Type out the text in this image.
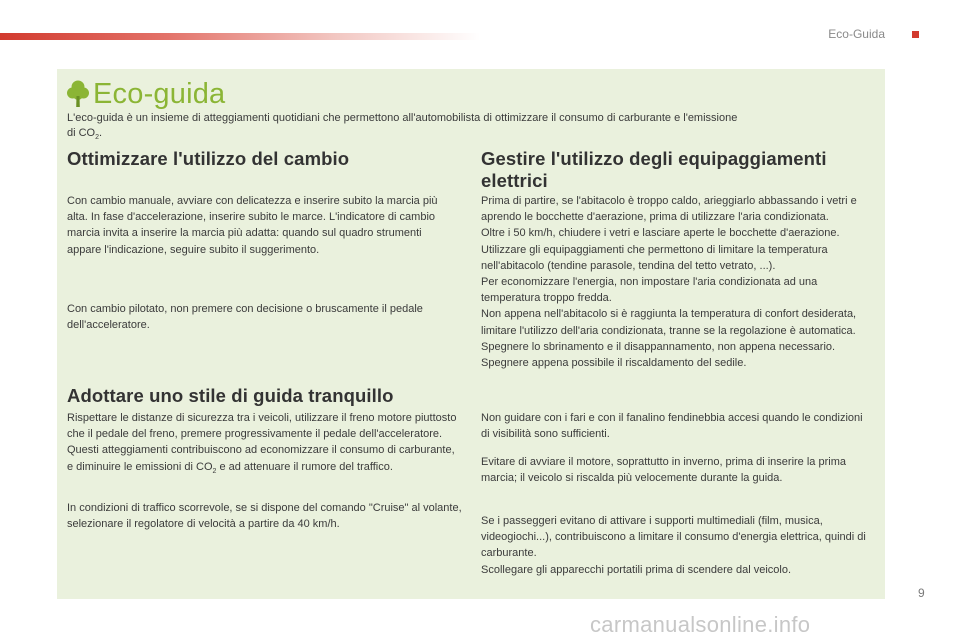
Eco-Guida
Eco-guida
L'eco-guida è un insieme di atteggiamenti quotidiani che permettono all'automobilista di ottimizzare il consumo di carburante e l'emissione
di $CO_2$.
Ottimizzare l'utilizzo del cambio

Con cambio manuale, avviare con delicatezza e inserire subito la marcia più alta. In fase d'accelerazione, inserire subito le marce. L'indicatore di cambio marcia invita a inserire la marcia più adatta: quando sul quadro strumenti appare l'indicazione, seguire subito il suggerimento.

Con cambio pilotato, non premere con decisione o bruscamente il pedale dell'acceleratore.

Adottare uno stile di guida tranquillo

Rispettare le distanze di sicurezza tra i veicoli, utilizzare il freno motore piuttosto che il pedale del freno, premere progressivamente il pedale dell'acceleratore. Questi atteggiamenti contribuiscono ad economizzare il consumo di carburante, e diminuire le emissioni di $CO_2$ e ad attenuare il rumore del traffico.

In condizioni di traffico scorrevole, se si dispone del comando "Cruise" al volante, selezionare il regolatore di velocità a partire da 40 km/h.

Gestire l'utilizzo degli equipaggiamenti elettrici
Prima di partire, se l'abitacolo è troppo caldo, arieggiarlo abbassando i vetri e aprendo le bocchette d'aerazione, prima di utilizzare l'aria condizionata.
Oltre i 50 km/h, chiudere i vetri e lasciare aperte le bocchette d'aerazione.
Utilizzare gli equipaggiamenti che permettono di limitare la temperatura nell'abitacolo (tendine parasole, tendina del tetto vetrato, ...).
Per economizzare l'energia, non impostare l'aria condizionata ad una temperatura troppo fredda.
Non appena nell'abitacolo si è raggiunta la temperatura di confort desiderata, limitare l'utilizzo dell'aria condizionata, tranne se la regolazione è automatica.
Spegnere lo sbrinamento e il disappannamento, non appena necessario.
Spegnere appena possibile il riscaldamento del sedile.

Non guidare con i fari e con il fanalino fendinebbia accesi quando le condizioni di visibilità sono sufficienti.

Evitare di avviare il motore, soprattutto in inverno, prima di inserire la prima marcia; il veicolo si riscalda più velocemente durante la guida.

Se i passeggeri evitano di attivare i supporti multimediali (film, musica, videogiochi...), contribuiscono a limitare il consumo d'energia elettrica, quindi di carburante.
Scollegare gli apparecchi portatili prima di scendere dal veicolo.
carmanualsonline.info
9
